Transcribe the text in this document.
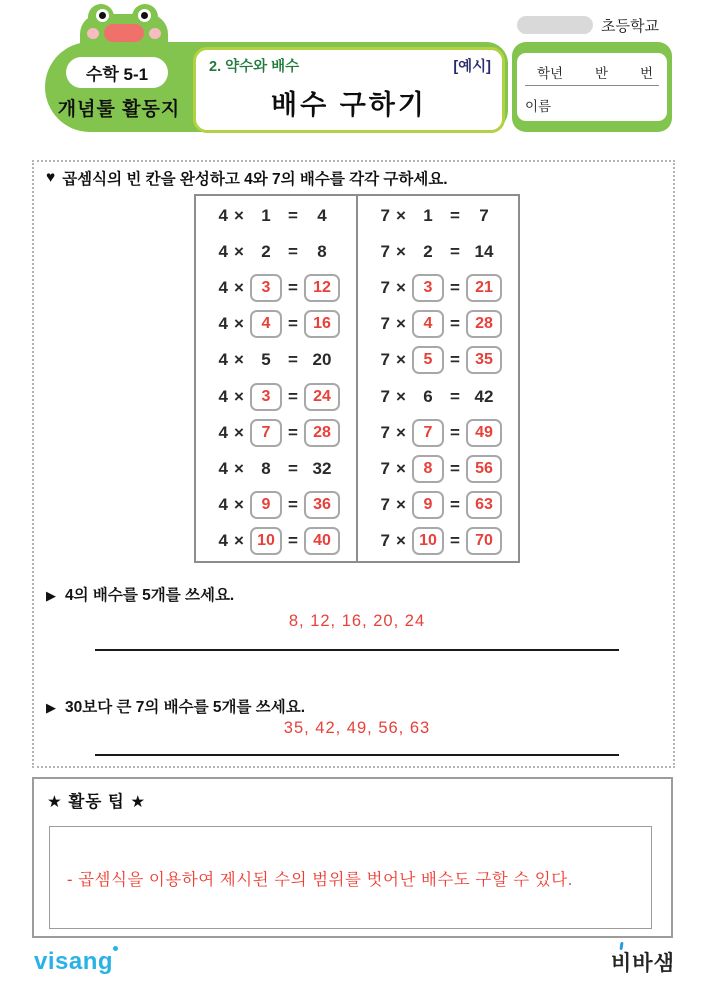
수학 5-1
개념툴 활동지
2. 약수와 배수	[예시]
배수 구하기
학년 반 번
이름
초등학교
♥ 곱셈식의 빈 칸을 완성하고 4와 7의 배수를 각각 구하세요.
4 ×	1	=	4
4 ×	2	=	8
4 ×	3	= 12
4 ×	4	= 16
4 ×	5	= 20
4 ×	3	= 24
4 ×	7	= 28
4 ×	8	= 32
4 ×	9	= 36
4 × 10 = 40
7 ×	1	=	7
7 ×	2	= 14
7 ×	3	= 21
7 ×	4	= 28
7 ×	5	= 35
7 ×	6	= 42
7 ×	7	= 49
7 ×	8	= 56
7 ×	9	= 63
7 × 10 = 70
▶ 4의 배수를 5개를 쓰세요.
8, 12, 16, 20, 24
▶ 30보다 큰 7의 배수를 5개를 쓰세요.
35, 42, 49, 56, 63
★ 활동 팁 ★
- 곱셈식을 이용하여 제시된 수의 범위를 벗어난 배수도 구할 수 있다.
visang	비바샘
